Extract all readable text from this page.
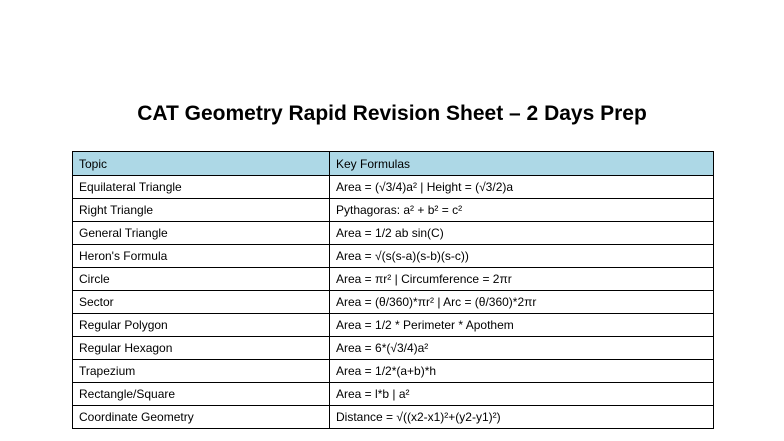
CAT Geometry Rapid Revision Sheet – 2 Days Prep
Topic	Key Formulas
Equilateral Triangle	Area = (√3/4)a² | Height = (√3/2)a
Right Triangle	Pythagoras: a² + b² = c²
General Triangle	Area = 1/2 ab sin(C)
Heron's Formula	Area = √(s(s-a)(s-b)(s-c))
Circle	Area = πr² | Circumference = 2πr
Sector	Area = (θ/360)*πr² | Arc = (θ/360)*2πr
Regular Polygon	Area = 1/2 * Perimeter * Apothem
Regular Hexagon	Area = 6*(√3/4)a²
Trapezium	Area = 1/2*(a+b)*h
Rectangle/Square	Area = l*b | a²
Coordinate Geometry	Distance = √((x2-x1)²+(y2-y1)²)
